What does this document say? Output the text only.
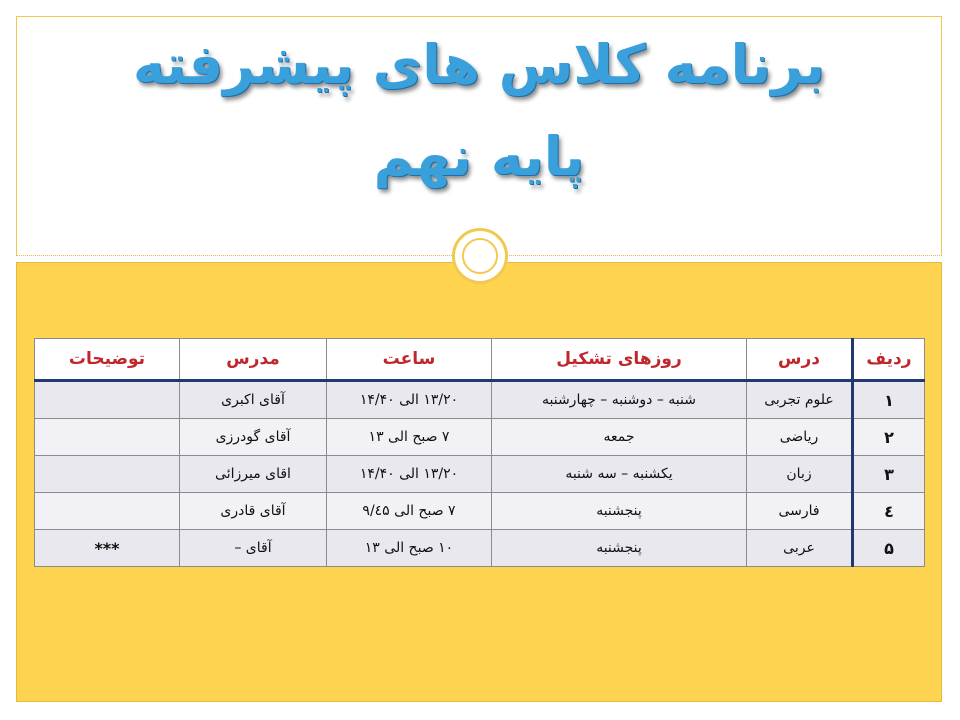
برنامه کلاس های پیشرفته
پایه نهم
ردیف	درس	روزهای تشکیل	ساعت	مدرس	توضیحات
۱	علوم تجربی	شنبه – دوشنبه – چهارشنبه	۱۳/۲۰ الی ۱۴/۴۰	آقای اکبری	
۲	ریاضی	جمعه	۷ صبح الی ۱۳	آقای گودرزی	
۳	زبان	یکشنبه – سه شنبه	۱۳/۲۰ الی ۱۴/۴۰	اقای میرزائی	
٤	فارسی	پنجشنبه	۷ صبح الی ۹/٤۵	آقای قادری	
۵	عربی	پنجشنبه	۱۰ صبح الی ۱۳	آقای –	***
